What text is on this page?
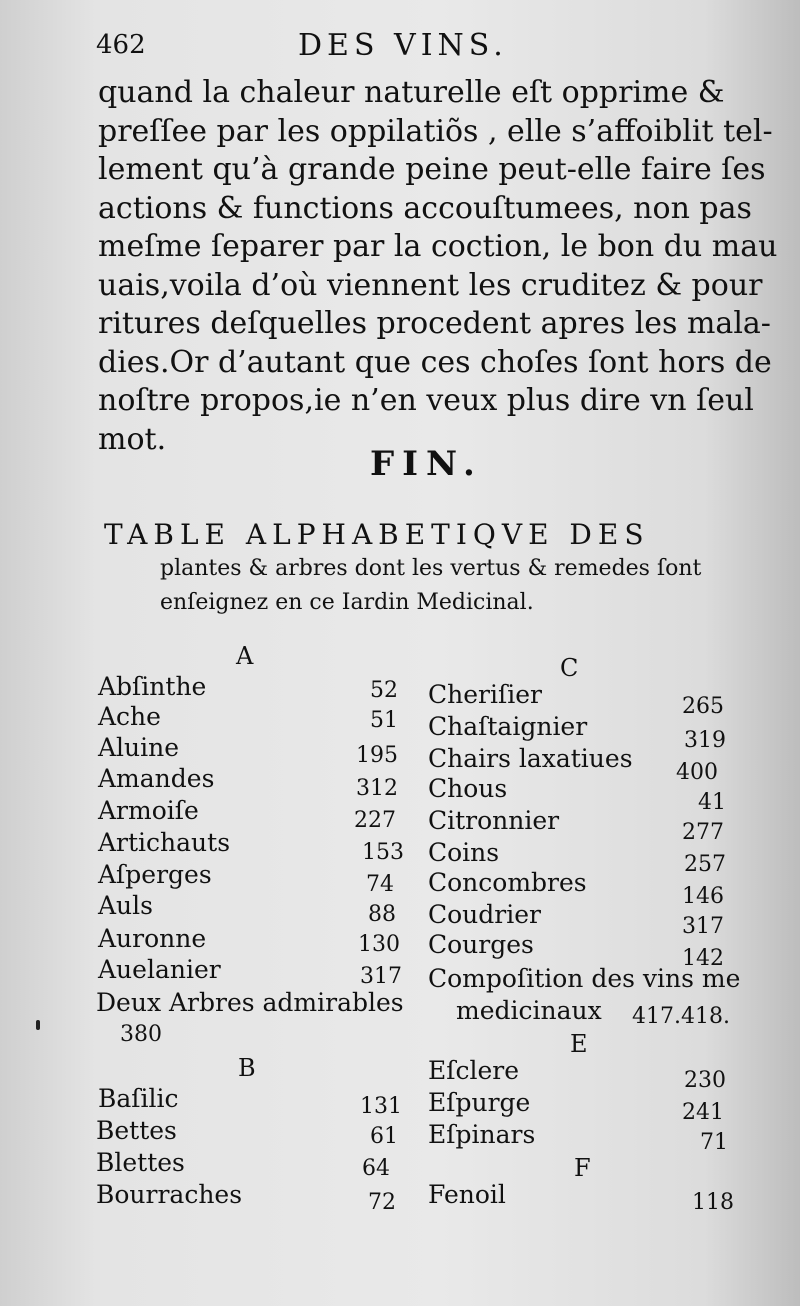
462	DES VINS.
quand la chaleur naturelle eſt opprime &
preſſee par les oppilatiõs , elle s’affoiblit tel-
lement qu’à grande peine peut-elle faire ſes
actions & functions accouſtumees, non pas
meſme ſeparer par la coction, le bon du mau
uais,voila d’où viennent les cruditez & pour
ritures deſquelles procedent apres les mala-
dies.Or d’autant que ces choſes ſont hors de
noſtre propos,ie n’en veux plus dire vn ſeul
mot.
FIN.
TABLE ALPHABETIQVE DES
plantes & arbres dont les vertus & remedes ſont
enſeignez en ce Iardin Medicinal.
A
Abſinthe	52
Ache	51
Aluine	195
Amandes	312
Armoiſe	227
Artichauts	153
Aſperges	74
Auls	88
Auronne	130
Auelanier	317
Deux Arbres admirables
380
B
Baſilic	131
Bettes	61
Blettes	64
Bourraches	72
C
Cheriſier	265
Chaſtaignier	319
Chairs laxatiues 400
Chous	41
Citronnier	277
Coins	257
Concombres	146
Coudrier	317
Courges	142
Compoſition des vins me
medicinaux 417.418.
E
Eſclere	230
Eſpurge	241
Eſpinars	71
F
Fenoil	118
